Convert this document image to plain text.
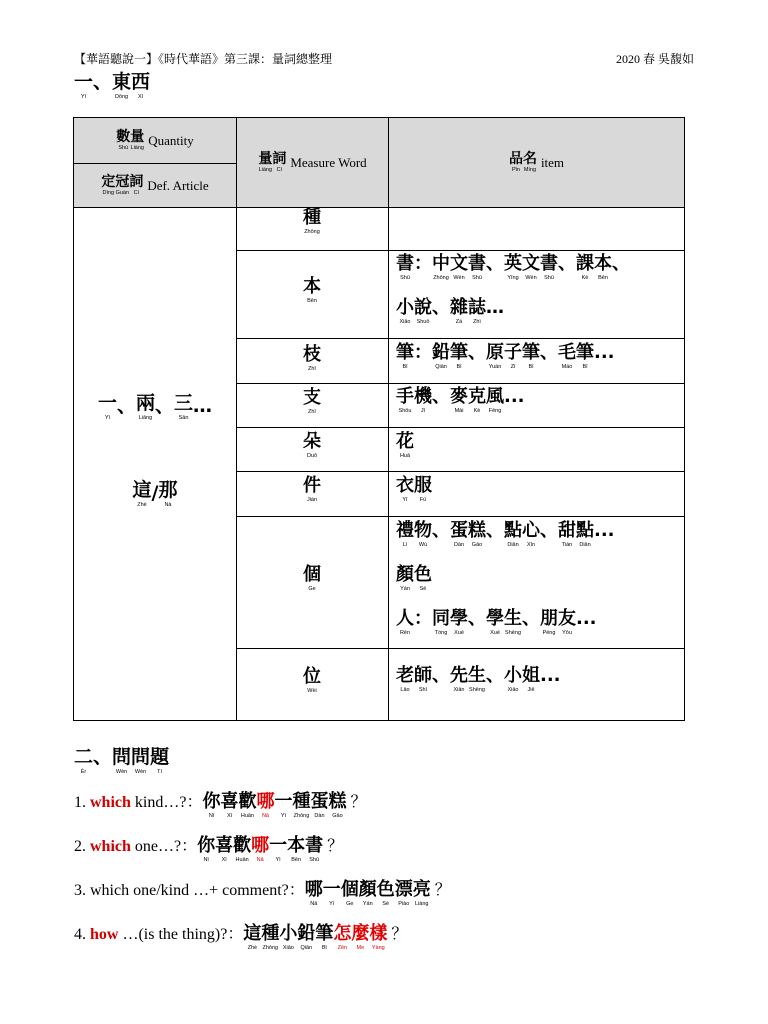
【華語聽說一】《時代華語》第三課：量詞總整理	2020 春 吳馥如
一
Yī
、 東
Dōng
西
Xī
數
Shù
量
Liàng

Quantity
定
Dìng
冠
Guàn
詞
Cí

Def. Article
量
Liàng
詞
Cí

Measure Word	品
Pǐn
名
Míng

item
一
Yī
、 兩
Liǎng
、 三
Sān
…
這
Zhè
/ 那
Nà
種
Zhǒng
本
Běn
書
Shū
： 中
Zhōng
文
Wén
書
Shū
、 英
Yīng
文
Wén
書
Shū
、 課
Kè
本
Běn
、
小
Xiǎo
說
Shuō
、 雜
Zá
誌
Zhì
…
枝
Zhī
筆
Bǐ
： 鉛
Qiān
筆
Bǐ
、 原
Yuán
子
Zǐ
筆
Bǐ
、 毛
Máo
筆
Bǐ
...
支
Zhī
手
Shǒu
機
Jī
、 麥
Mài
克
Kè
風
Fēng
...
朵
Duǒ
花
Huā
件
Jiàn
衣
Yī
服
Fú
個
Ge
禮
Lǐ
物
Wù
、 蛋
Dàn
糕
Gāo
、 點
Diǎn
心
Xīn
、 甜
Tián
點
Diǎn
...
顏
Yán
色
Sè
人
Rén
： 同
Tóng
學
Xué
、 學
Xué
生
Shēng
、 朋
Péng
友
Yǒu
...
位
Wèi
老
Lǎo
師
Shī
、 先
Xiān
生
Shēng
、 小
Xiǎo
姐
Jiě
...
二
Èr
、 問
Wèn
問
Wèn
題
Tí
1. which kind…?： 你
Nǐ
喜
Xǐ
歡
Huān
哪
Nǎ
一
Yì
種
Zhǒng
蛋
Dàn
糕
Gāo
？
2. which one…?： 你
Nǐ
喜
Xǐ
歡
Huān
哪
Nǎ
一
Yì
本
Běn
書
Shū
？
3. which one/kind …+ comment?： 哪
Nǎ
一
Yí
個
Ge
顏
Yán
色
Sè
漂
Piào
亮
Liàng
？
4. how …(is the thing)?： 這
Zhè
種
Zhǒng
小
Xiǎo
鉛
Qiān
筆
Bǐ
怎
Zěn
麼
Me
樣
Yàng
？
